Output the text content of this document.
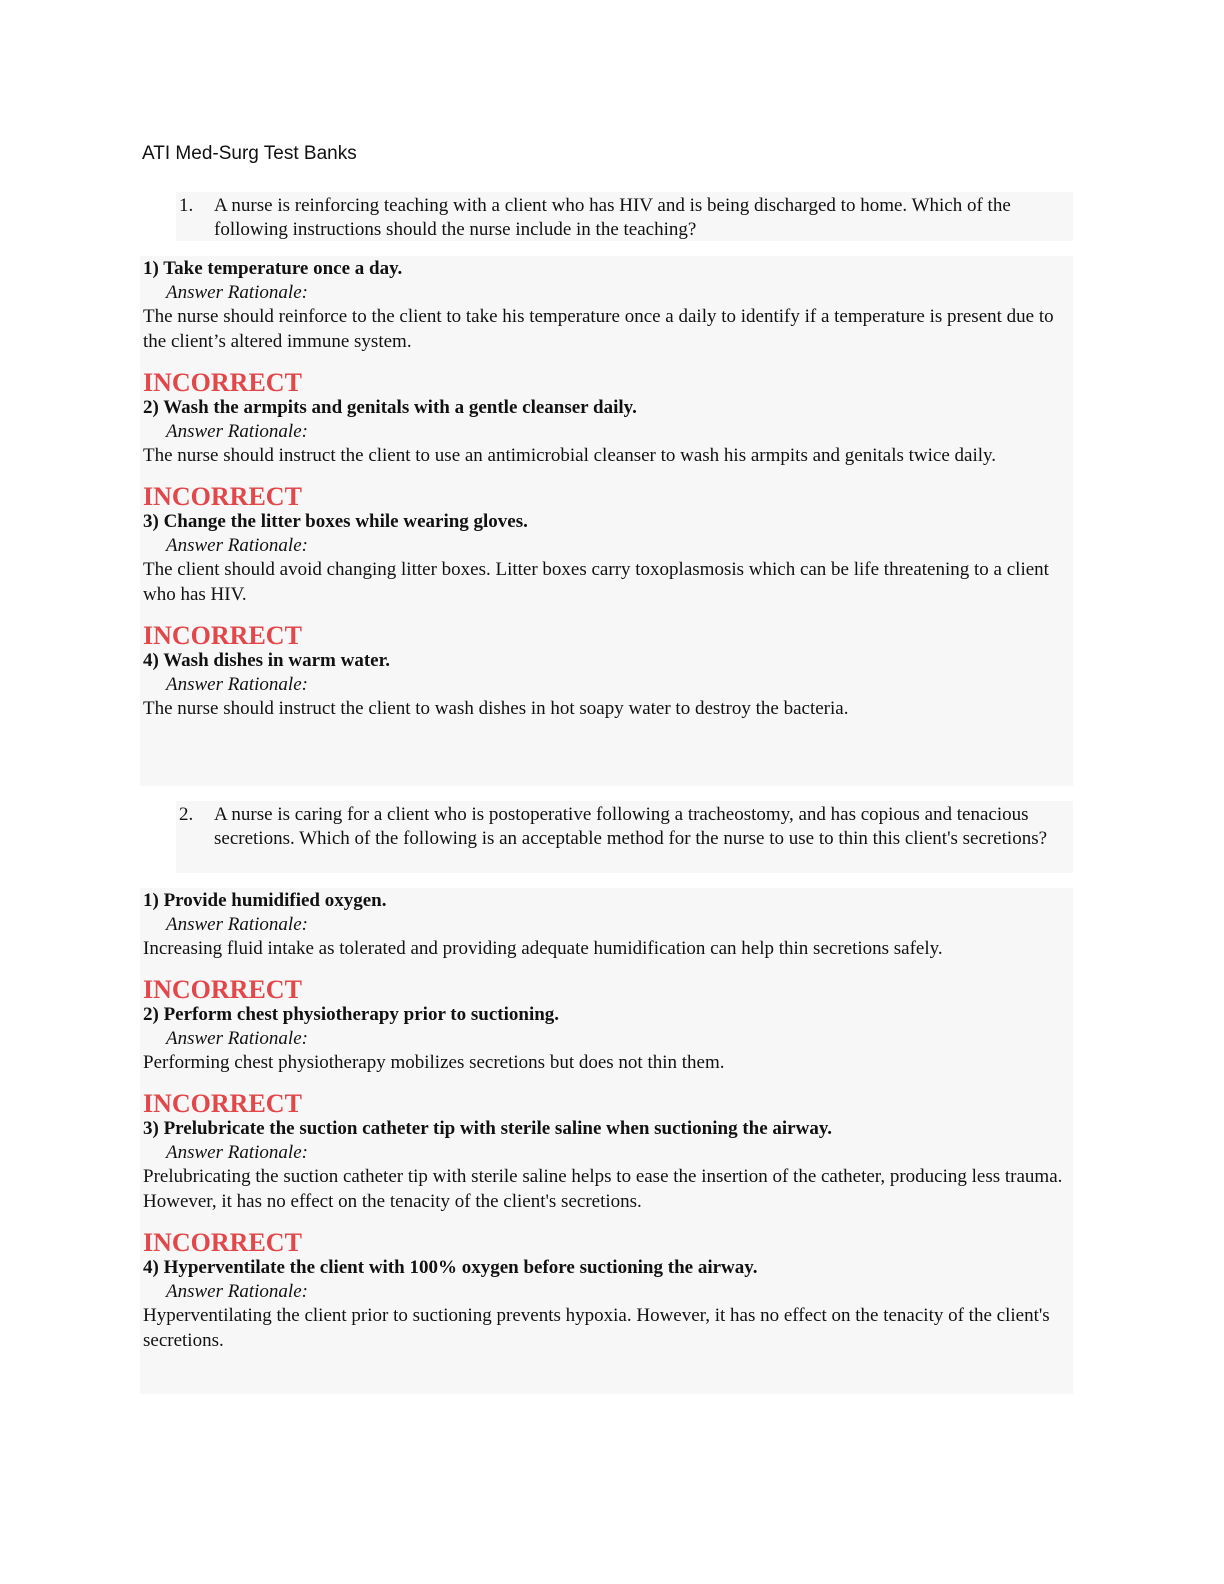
ATI Med-Surg Test Banks
1. A nurse is reinforcing teaching with a client who has HIV and is being discharged to home. Which of the following instructions should the nurse include in the teaching?

1) Take temperature once a day.

Answer Rationale:

The nurse should reinforce to the client to take his temperature once a daily to identify if a temperature is present due to the client’s altered immune system.

INCORRECT

2) Wash the armpits and genitals with a gentle cleanser daily.

Answer Rationale:

The nurse should instruct the client to use an antimicrobial cleanser to wash his armpits and genitals twice daily.

INCORRECT

3) Change the litter boxes while wearing gloves.

Answer Rationale:

The client should avoid changing litter boxes. Litter boxes carry toxoplasmosis which can be life threatening to a client who has HIV.

INCORRECT

4) Wash dishes in warm water.

Answer Rationale:

The nurse should instruct the client to wash dishes in hot soapy water to destroy the bacteria.

2. A nurse is caring for a client who is postoperative following a tracheostomy, and has copious and tenacious secretions. Which of the following is an acceptable method for the nurse to use to thin this client's secretions?

1) Provide humidified oxygen.

Answer Rationale:

Increasing fluid intake as tolerated and providing adequate humidification can help thin secretions safely.

INCORRECT

2) Perform chest physiotherapy prior to suctioning.

Answer Rationale:

Performing chest physiotherapy mobilizes secretions but does not thin them.

INCORRECT

3) Prelubricate the suction catheter tip with sterile saline when suctioning the airway.

Answer Rationale:

Prelubricating the suction catheter tip with sterile saline helps to ease the insertion of the catheter, producing less trauma. However, it has no effect on the tenacity of the client's secretions.

INCORRECT

4) Hyperventilate the client with 100% oxygen before suctioning the airway.

Answer Rationale:

Hyperventilating the client prior to suctioning prevents hypoxia. However, it has no effect on the tenacity of the client's secretions.
